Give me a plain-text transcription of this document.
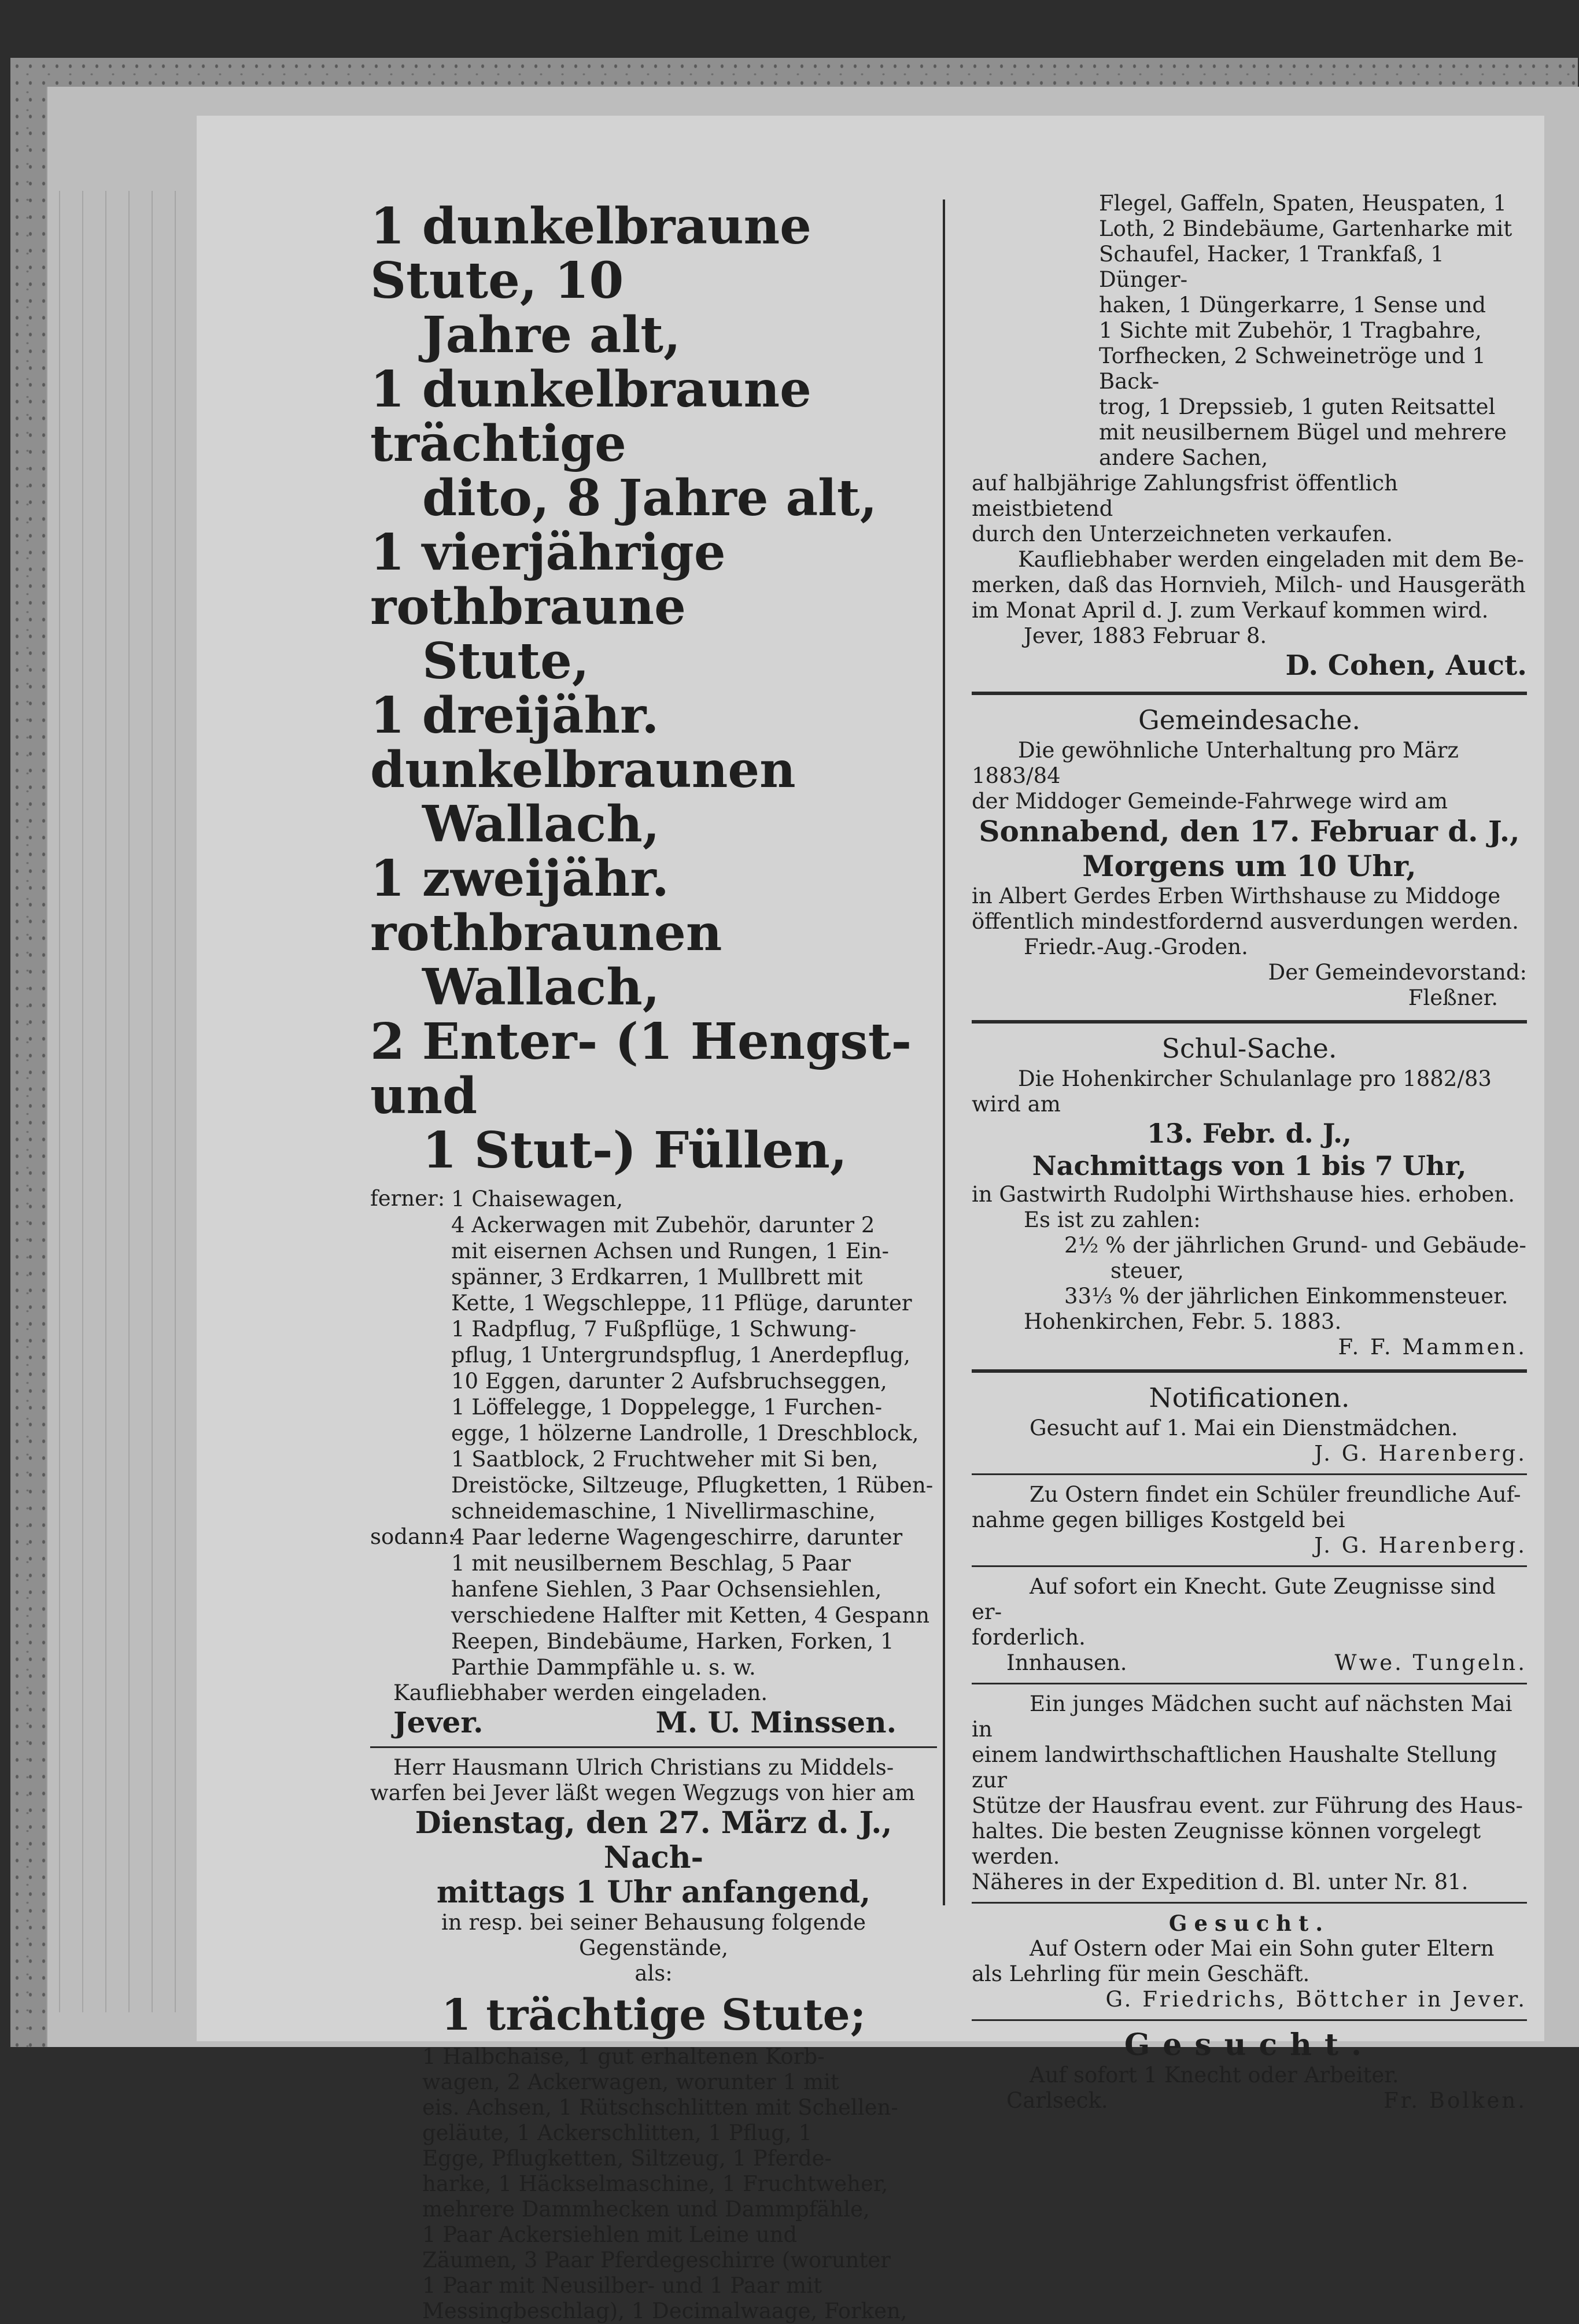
1 dunkelbraune Stute, 10

Jahre alt,

1 dunkelbraune trächtige

dito, 8 Jahre alt,

1 vierjährige rothbraune

Stute,

1 dreijähr. dunkelbraunen

Wallach,

1 zweijähr. rothbraunen

Wallach,

2 Enter- (1 Hengst- und

1 Stut-) Füllen,

ferner: 1 Chaisewagen,

4 Ackerwagen mit Zubehör, darunter 2

mit eisernen Achsen und Rungen, 1 Ein-

spänner, 3 Erdkarren, 1 Mullbrett mit

Kette, 1 Wegschleppe, 11 Pflüge, darunter

1 Radpflug, 7 Fußpflüge, 1 Schwung-

pflug, 1 Untergrundspflug, 1 Anerdepflug,

10 Eggen, darunter 2 Aufsbruchseggen,

1 Löffelegge, 1 Doppelegge, 1 Furchen-

egge, 1 hölzerne Landrolle, 1 Dreschblock,

1 Saatblock, 2 Fruchtweher mit Si ben,

Dreistöcke, Siltzeuge, Pflugketten, 1 Rüben-

schneidemaschine, 1 Nivellirmaschine,

sodann:

4 Paar lederne Wagengeschirre, darunter

1 mit neusilbernem Beschlag, 5 Paar

hanfene Siehlen, 3 Paar Ochsensiehlen,

verschiedene Halfter mit Ketten, 4 Gespann

Reepen, Bindebäume, Harken, Forken, 1

Parthie Dammpfähle u. s. w.

Kaufliebhaber werden eingeladen.

Jever.	M. U. Minssen.

Herr Hausmann Ulrich Christians zu Middels-

warfen bei Jever läßt wegen Wegzugs von hier am

Dienstag, den 27. März d. J., Nach-

mittags 1 Uhr anfangend,

in resp. bei seiner Behausung folgende Gegenstände,

als:

1 trächtige Stute;

1 Halbchaise, 1 gut erhaltenen Korb-

wagen, 2 Ackerwagen, worunter 1 mit

eis. Achsen, 1 Rütschschlitten mit Schellen-

geläute, 1 Ackerschlitten, 1 Pflug, 1

Egge, Pflugketten, Siltzeug, 1 Pferde-

harke, 1 Häckselmaschine, 1 Fruchtweher,

mehrere Dammhecken und Dammpfähle,

1 Paar Ackersiehlen mit Leine und

Zäumen, 3 Paar Pferdegeschirre (worunter

1 Paar mit Neusilber- und 1 Paar mit

Messingbeschlag), 1 Decimalwaage, Forken,

Flegel, Gaffeln, Spaten, Heuspaten, 1

Loth, 2 Bindebäume, Gartenharke mit

Schaufel, Hacker, 1 Trankfaß, 1 Dünger-

haken, 1 Düngerkarre, 1 Sense und

1 Sichte mit Zubehör, 1 Tragbahre,

Torfhecken, 2 Schweinetröge und 1 Back-

trog, 1 Drepssieb, 1 guten Reitsattel

mit neusilbernem Bügel und mehrere

andere Sachen,

auf halbjährige Zahlungsfrist öffentlich meistbietend

durch den Unterzeichneten verkaufen.

Kaufliebhaber werden eingeladen mit dem Be-

merken, daß das Hornvieh, Milch- und Hausgeräth

im Monat April d. J. zum Verkauf kommen wird.

Jever, 1883 Februar 8.

D. Cohen, Auct.

Gemeindesache.

Die gewöhnliche Unterhaltung pro März 1883/84

der Middoger Gemeinde-Fahrwege wird am

Sonnabend, den 17. Februar d. J.,

Morgens um 10 Uhr,

in Albert Gerdes Erben Wirthshause zu Middoge

öffentlich mindestfordernd ausverdungen werden.

Friedr.-Aug.-Groden.

Der Gemeindevorstand:

Fleßner.

Schul-Sache.

Die Hohenkircher Schulanlage pro 1882/83

wird am

13. Febr. d. J.,

Nachmittags von 1 bis 7 Uhr,

in Gastwirth Rudolphi Wirthshause hies. erhoben.

Es ist zu zahlen:

2½ % der jährlichen Grund- und Gebäude-

steuer,

33⅓ % der jährlichen Einkommensteuer.

Hohenkirchen, Febr. 5. 1883.

F. F. Mammen.

Notificationen.

Gesucht auf 1. Mai ein Dienstmädchen.

J. G. Harenberg.

Zu Ostern findet ein Schüler freundliche Auf-

nahme gegen billiges Kostgeld bei

J. G. Harenberg.

Auf sofort ein Knecht. Gute Zeugnisse sind er-

forderlich.

Innhausen.	Wwe. Tungeln.

Ein junges Mädchen sucht auf nächsten Mai in

einem landwirthschaftlichen Haushalte Stellung zur

Stütze der Hausfrau event. zur Führung des Haus-

haltes. Die besten Zeugnisse können vorgelegt werden.

Näheres in der Expedition d. Bl. unter Nr. 81.

Gesucht.

Auf Ostern oder Mai ein Sohn guter Eltern

als Lehrling für mein Geschäft.

G. Friedrichs, Böttcher in Jever.

Gesucht.

Auf sofort 1 Knecht oder Arbeiter.

Carlseck.	Fr. Bolken.
